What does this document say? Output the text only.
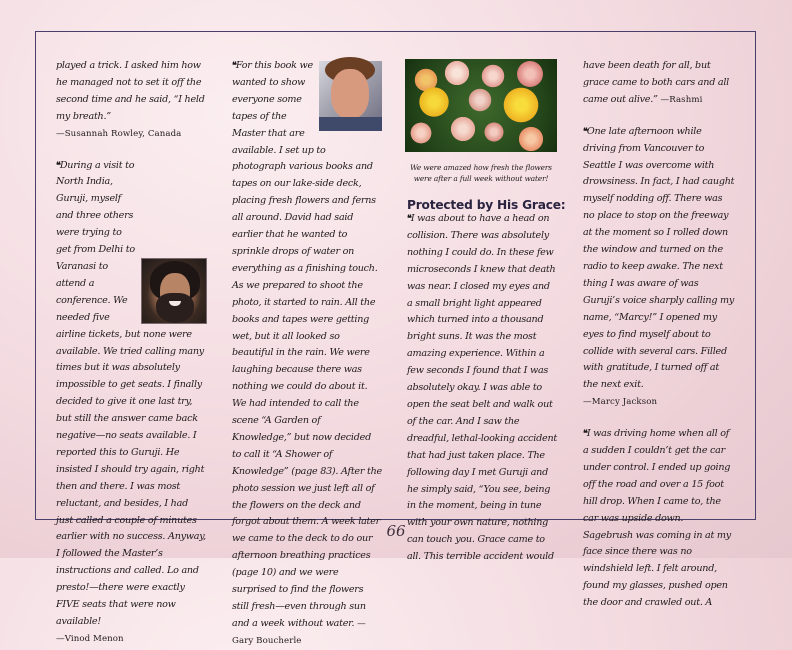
played a trick. I asked him how he managed not to set it off the second time and he said, “I held my breath.”
—Susannah Rowley, Canada

❝During a visit to North India, Guruji, myself and three others were trying to get from Delhi to Varanasi to attend a conference. We needed five airline tickets, but none were available. We tried calling many times but it was absolutely impossible to get seats. I finally decided to give it one last try, but still the answer came back negative—no seats available. I reported this to Guruji. He insisted I should try again, right then and there. I was most reluctant, and besides, I had just called a couple of minutes earlier with no success. Anyway, I followed the Master’s instructions and called. Lo and presto!—there were exactly FIVE seats that were now available!
—Vinod Menon

❝For this book we wanted to show everyone some tapes of the Master that are available. I set up to photograph various books and tapes on our lake-side deck, placing fresh flowers and ferns all around. David had said earlier that he wanted to sprinkle drops of water on everything as a finishing touch. As we prepared to shoot the photo, it started to rain. All the books and tapes were getting wet, but it all looked so beautiful in the rain. We were laughing because there was nothing we could do about it. We had intended to call the scene “A Garden of Knowledge,” but now decided to call it “A Shower of Knowledge” (page 83). After the photo session we just left all of the flowers on the deck and forgot about them. A week later we came to the deck to do our afternoon breathing practices (page 10) and we were surprised to find the flowers still fresh—even through sun and a week without water. —Gary Boucherle

We were amazed how fresh the flowers were after a full week without water!
Protected by His Grace:

❝I was about to have a head on collision. There was absolutely nothing I could do. In these few microseconds I knew that death was near. I closed my eyes and a small bright light appeared which turned into a thousand bright suns. It was the most amazing experience. Within a few seconds I found that I was absolutely okay. I was able to open the seat belt and walk out of the car. And I saw the dreadful, lethal-looking accident that had just taken place. The following day I met Guruji and he simply said, “You see, being in the moment, being in tune with your own nature, nothing can touch you. Grace came to all. This terrible accident would

have been death for all, but grace came to both cars and all came out alive.” —Rashmi

❝One late afternoon while driving from Vancouver to Seattle I was overcome with drowsiness. In fact, I had caught myself nodding off. There was no place to stop on the freeway at the moment so I rolled down the window and turned on the radio to keep awake. The next thing I was aware of was Guruji’s voice sharply calling my name, “Marcy!” I opened my eyes to find myself about to collide with several cars. Filled with gratitude, I turned off at the next exit.
—Marcy Jackson

❝I was driving home when all of a sudden I couldn’t get the car under control. I ended up going off the road and over a 15 foot hill drop. When I came to, the car was upside down. Sagebrush was coming in at my face since there was no windshield left. I felt around, found my glasses, pushed open the door and crawled out. A

66
